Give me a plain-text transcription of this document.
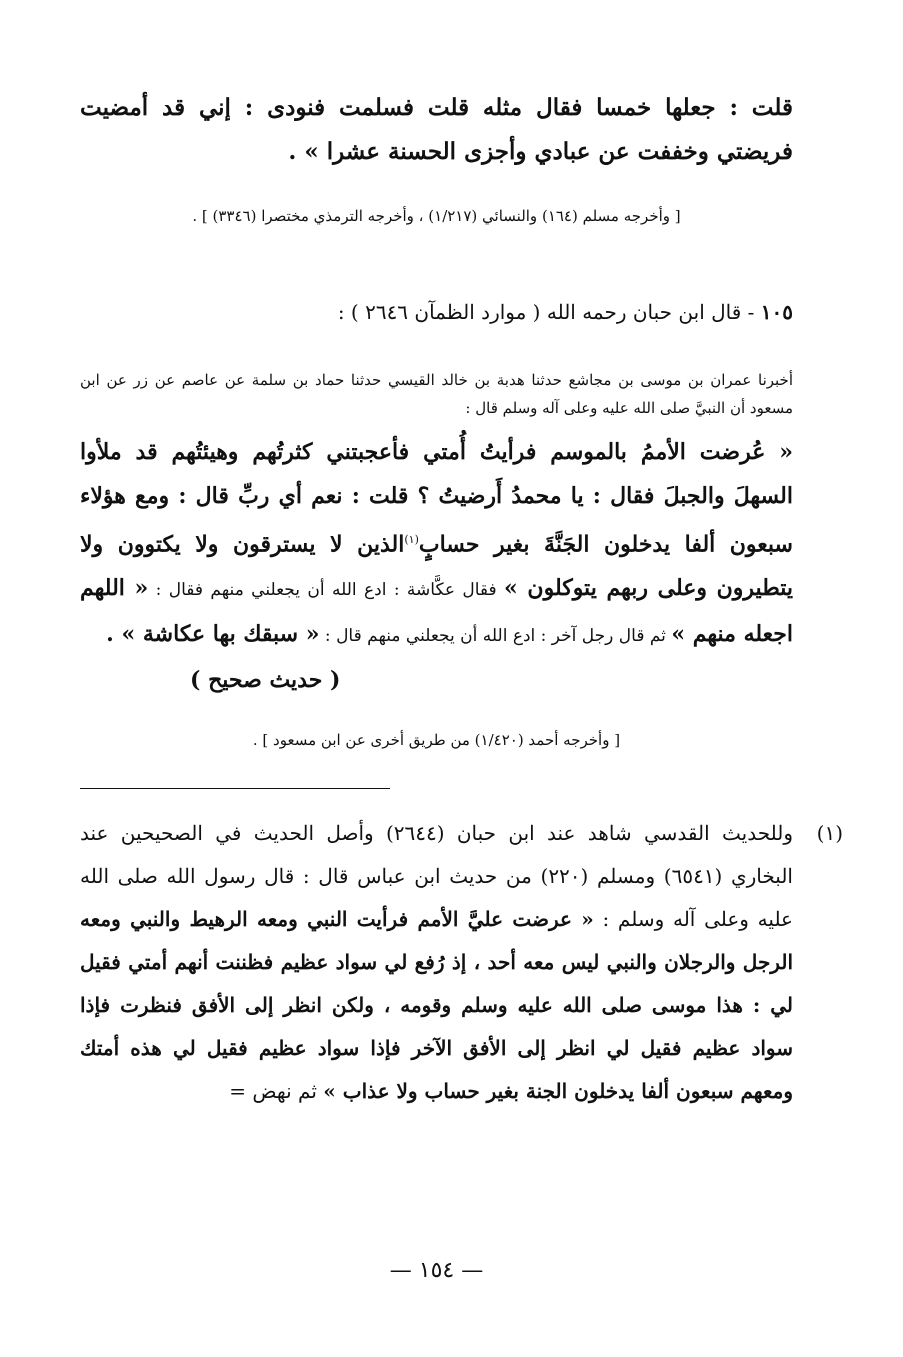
قلت : جعلها خمسا فقال مثله قلت فسلمت فنودى : إني قد أمضيت فريضتي وخففت عن عبادي وأجزى الحسنة عشرا » .
[ وأخرجه مسلم (١٦٤) والنسائي (١/٢١٧) ، وأخرجه الترمذي مختصرا (٣٣٤٦) ] .
١٠٥ - قال ابن حبان رحمه الله ( موارد الظمآن ٢٦٤٦ ) :
أخبرنا عمران بن موسى بن مجاشع حدثنا هدبة بن خالد القيسي حدثنا حماد بن سلمة عن عاصم عن زر عن ابن مسعود أن النبيَّ صلى الله عليه وعلى آله وسلم قال :
« عُرضت الأممُ بالموسم فرأيتُ أُمتي فأعجبتني كثرتُهم وهيئتُهم قد ملأوا السهلَ والجبلَ فقال : يا محمدُ أَرضيتُ ؟ قلت : نعم أي ربِّ قال : ومع هؤلاء سبعون ألفا يدخلون الجَنَّةَ بغير حسابٍ$^{(١)}$الذين لا يسترقون ولا يكتوون ولا يتطيرون وعلى ربهم يتوكلون » فقال عكَّاشة : ادع الله أن يجعلني منهم فقال : « اللهم اجعله منهم » ثم قال رجل آخر : ادع الله أن يجعلني منهم قال : « سبقك بها عكاشة » .
( حديث صحيح )
[ وأخرجه أحمد (١/٤٢٠) من طريق أخرى عن ابن مسعود ] .
(١)
وللحديث القدسي شاهد عند ابن حبان (٢٦٤٤) وأصل الحديث في الصحيحين عند البخاري (٦٥٤١) ومسلم (٢٢٠) من حديث ابن عباس قال : قال رسول الله صلى الله عليه وعلى آله وسلم : « عرضت عليَّ الأمم فرأيت النبي ومعه الرهيط والنبي ومعه الرجل والرجلان والنبي ليس معه أحد ، إذ رُفع لي سواد عظيم فظننت أنهم أمتي فقيل لي : هذا موسى صلى الله عليه وسلم وقومه ، ولكن انظر إلى الأفق فنظرت فإذا سواد عظيم فقيل لي انظر إلى الأفق الآخر فإذا سواد عظيم فقيل لي هذه أمتك ومعهم سبعون ألفا يدخلون الجنة بغير حساب ولا عذاب » ثم نهض =
— ١٥٤ —
